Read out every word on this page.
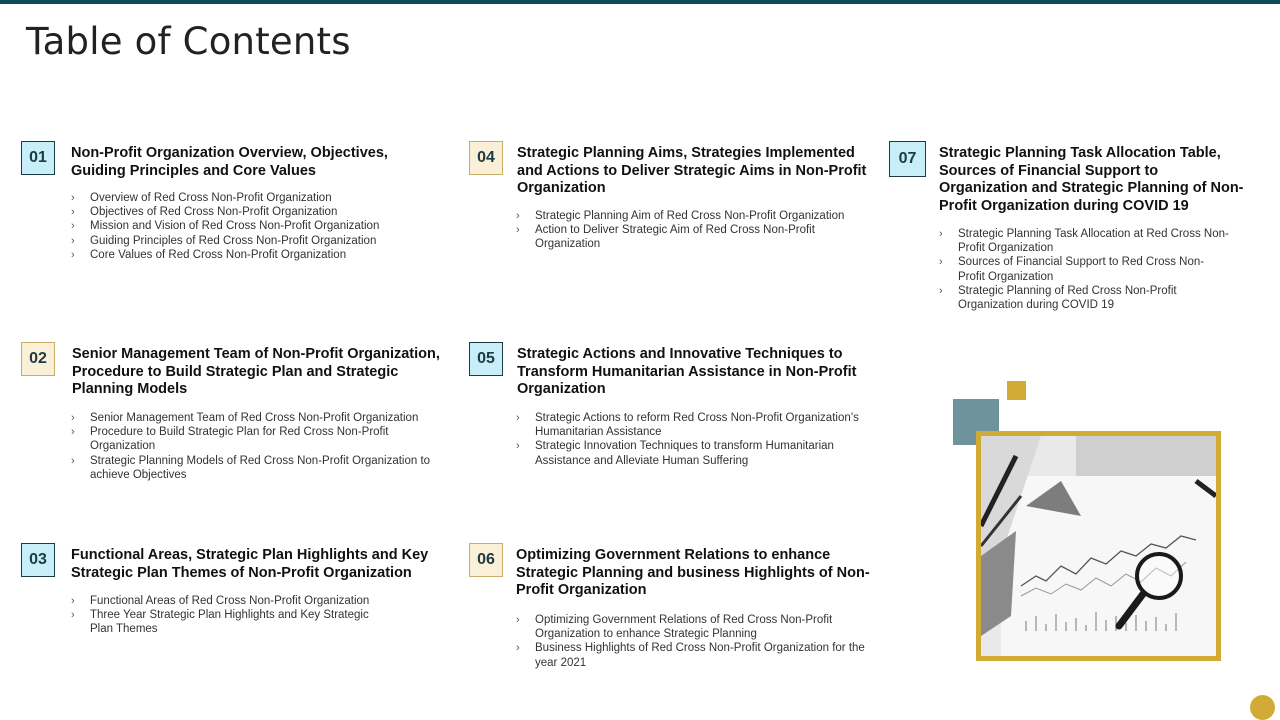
Table of Contents
01	Non-Profit Organization Overview, Objectives, Guiding Principles and Core Values
› Overview of Red Cross Non-Profit Organization
› Objectives of Red Cross Non-Profit Organization
› Mission and Vision of Red Cross Non-Profit Organization
› Guiding Principles of Red Cross Non-Profit Organization
› Core Values of Red Cross Non-Profit Organization
02	Senior Management Team of Non-Profit Organization, Procedure to Build Strategic Plan and Strategic Planning Models
› Senior Management Team of Red Cross Non-Profit Organization
› Procedure to Build Strategic Plan for Red Cross Non-Profit Organization
› Strategic Planning Models of Red Cross Non-Profit Organization to achieve Objectives
03	Functional Areas, Strategic Plan Highlights and Key Strategic Plan Themes of Non-Profit Organization
› Functional Areas of Red Cross Non-Profit Organization
› Three Year Strategic Plan Highlights and Key Strategic Plan Themes
04	Strategic Planning Aims, Strategies Implemented and Actions to Deliver Strategic Aims in Non-Profit Organization
› Strategic Planning Aim of Red Cross Non-Profit Organization
› Action to Deliver Strategic Aim of Red Cross Non-Profit Organization
05	Strategic Actions and Innovative Techniques to Transform Humanitarian Assistance in Non-Profit Organization
› Strategic Actions to reform Red Cross Non-Profit Organization’s Humanitarian Assistance
› Strategic Innovation Techniques to transform Humanitarian Assistance and Alleviate Human Suffering
06	Optimizing Government Relations to enhance Strategic Planning and business Highlights of Non-Profit Organization
› Optimizing Government Relations of Red Cross Non-Profit Organization to enhance Strategic Planning
› Business Highlights of Red Cross Non-Profit Organization for the year 2021
07	Strategic Planning Task Allocation Table, Sources of Financial Support to Organization and Strategic Planning of Non-Profit Organization during COVID 19
› Strategic Planning Task Allocation at Red Cross Non-Profit Organization
› Sources of Financial Support to Red Cross Non-Profit Organization
› Strategic Planning of Red Cross Non-Profit Organization during COVID 19
